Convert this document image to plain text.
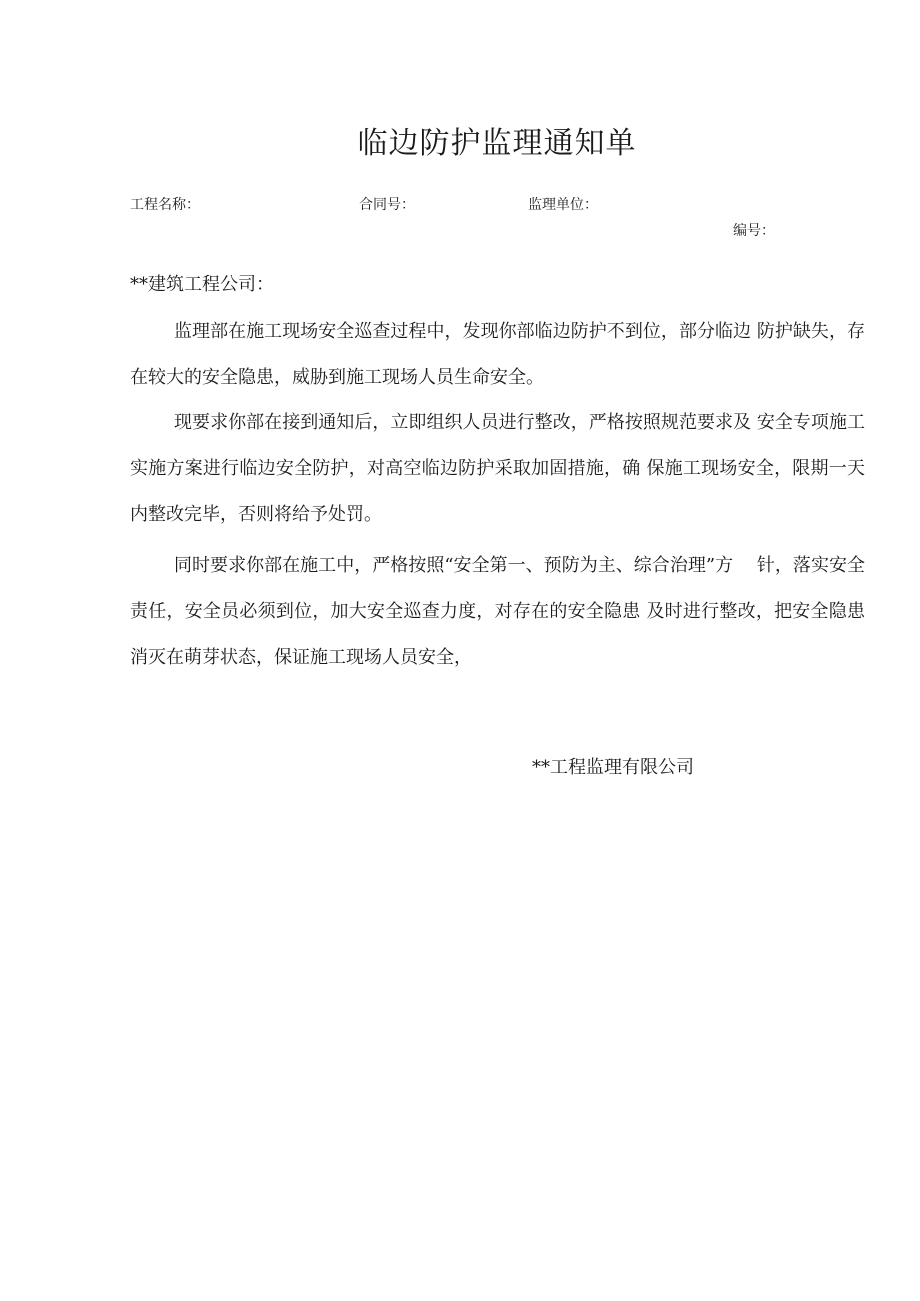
临边防护监理通知单
工程名称：	合同号：	监理单位：
编号：

**建筑工程公司：

监理部在施工现场安全巡查过程中，发现你部临边防护不到位，部分临边 防护缺失，存在较大的安全隐患，威胁到施工现场人员生命安全。

现要求你部在接到通知后，立即组织人员进行整改，严格按照规范要求及 安全专项施工实施方案进行临边安全防护，对高空临边防护采取加固措施，确 保施工现场安全，限期一天内整改完毕，否则将给予处罚。

同时要求你部在施工中，严格按照“安全第一、预防为主、综合治理”方　 针，落实安全责任，安全员必须到位，加大安全巡查力度，对存在的安全隐患 及时进行整改，把安全隐患消灭在萌芽状态，保证施工现场人员安全，

**工程监理有限公司
